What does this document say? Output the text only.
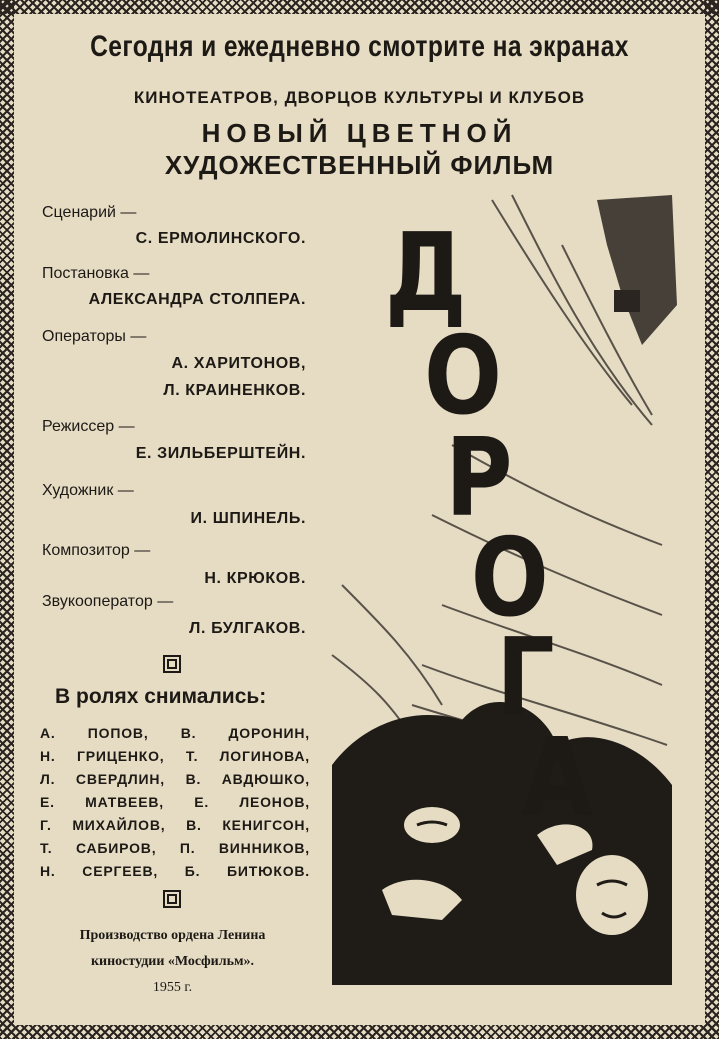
Сегодня и ежедневно смотрите на экранах
КИНОТЕАТРОВ, ДВОРЦОВ КУЛЬТУРЫ И КЛУБОВ
НОВЫЙ ЦВЕТНОЙ
ХУДОЖЕСТВЕННЫЙ ФИЛЬМ
Сценарий —
С. ЕРМОЛИНСКОГО.
Постановка —
АЛЕКСАНДРА СТОЛПЕРА.
Операторы —
А. ХАРИТОНОВ,
Л. КРАИНЕНКОВ.
Режиссер —
Е. ЗИЛЬБЕРШТЕЙН.
Художник —
И. ШПИНЕЛЬ.
Композитор —
Н. КРЮКОВ.
Звукооператор —
Л. БУЛГАКОВ.
В ролях снимались:
А. ПОПОВ, В. ДОРОНИН,
Н. ГРИЦЕНКО, Т. ЛОГИНОВА,
Л. СВЕРДЛИН, В. АВДЮШКО,
Е. МАТВЕЕВ, Е. ЛЕОНОВ,
Г. МИХАЙЛОВ, В. КЕНИГСОН,
Т. САБИРОВ, П. ВИННИКОВ,
Н. СЕРГЕЕВ, Б. БИТЮКОВ.
Производство ордена Ленина
киностудии «Мосфильм».
1955 г.
Д
О
Р
О
Г
А
